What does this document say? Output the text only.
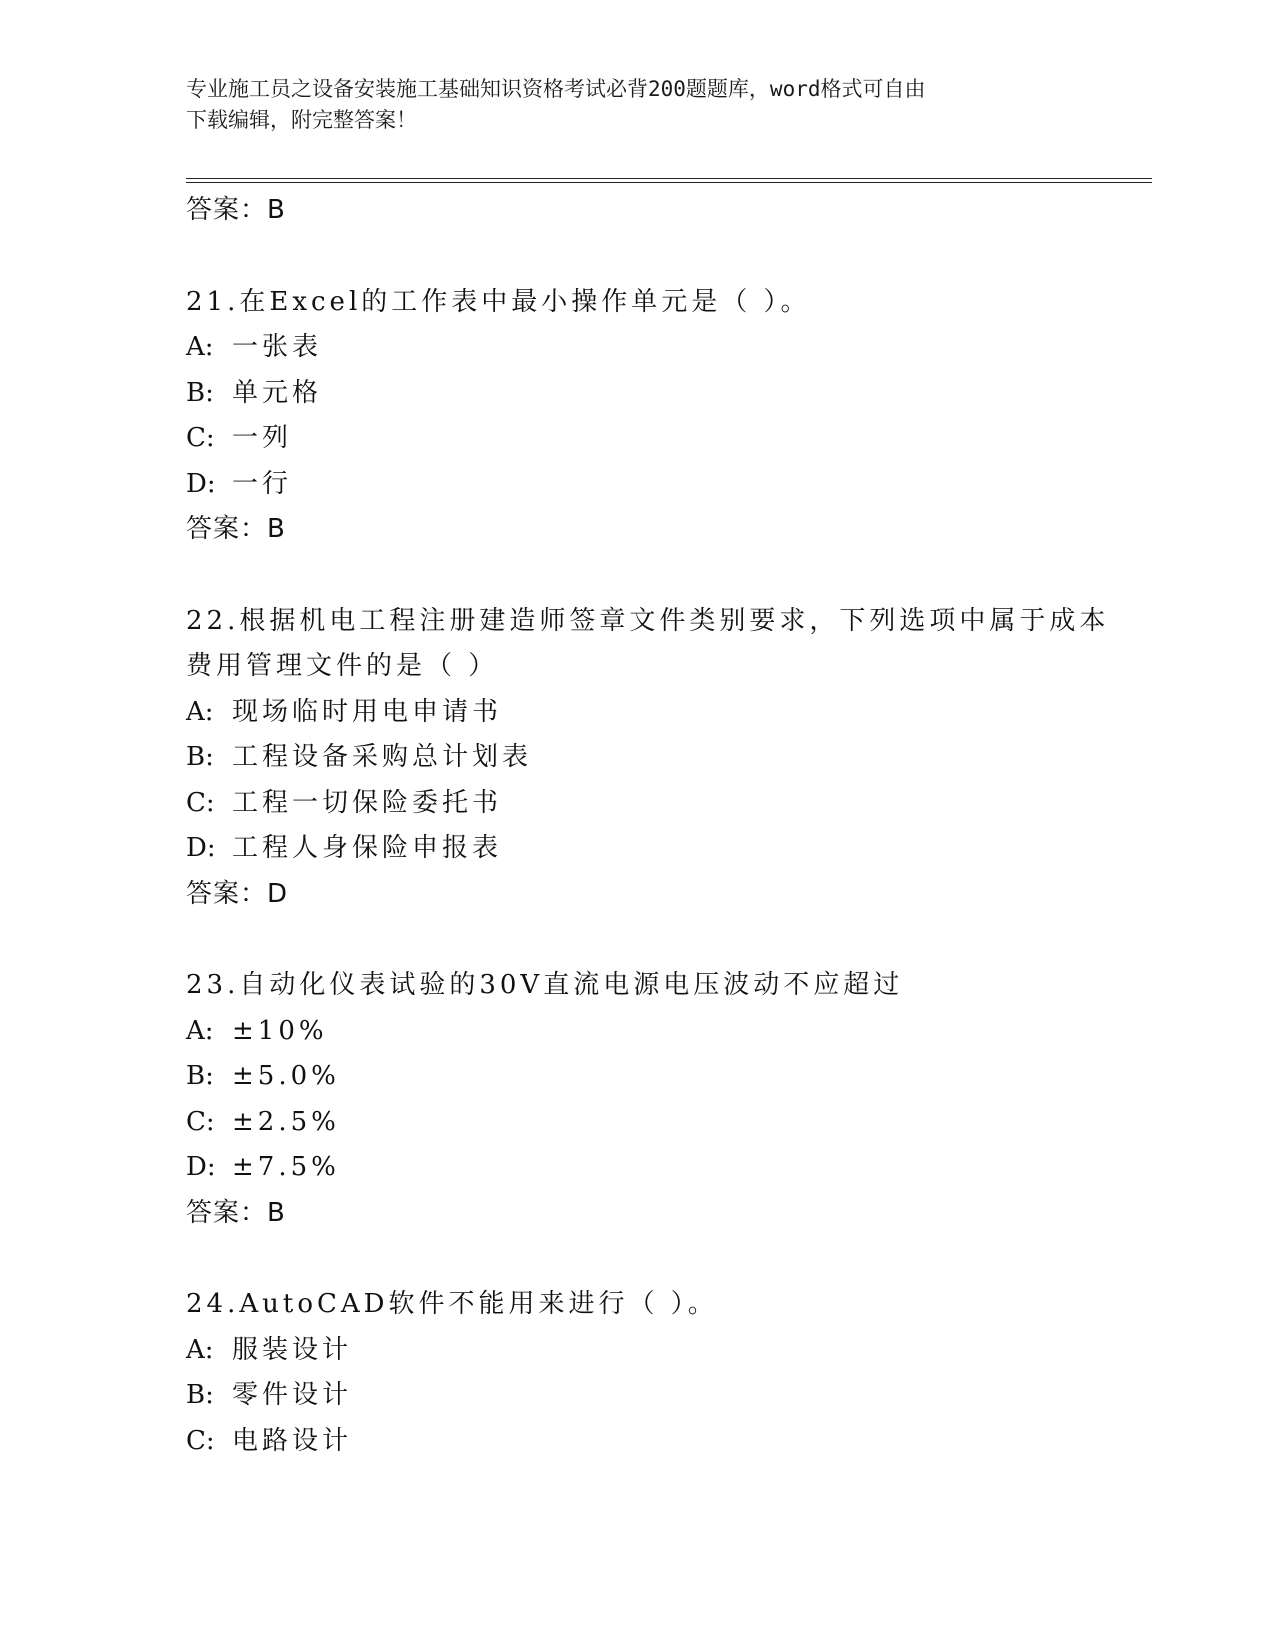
专业施工员之设备安装施工基础知识资格考试必背200题题库，word格式可自由

下载编辑，附完整答案！

答案：B
21.在Excel的工作表中最小操作单元是（ ）。
A: 一张表
B: 单元格
C: 一列
D: 一行
答案：B
22.根据机电工程注册建造师签章文件类别要求，下列选项中属于成本
费用管理文件的是（ ）
A: 现场临时用电申请书
B: 工程设备采购总计划表
C: 工程一切保险委托书
D: 工程人身保险申报表
答案：D
23.自动化仪表试验的30V直流电源电压波动不应超过
A: ±10%
B: ±5.0%
C: ±2.5%
D: ±7.5%
答案：B
24.AutoCAD软件不能用来进行（ ）。
A: 服装设计
B: 零件设计
C: 电路设计
